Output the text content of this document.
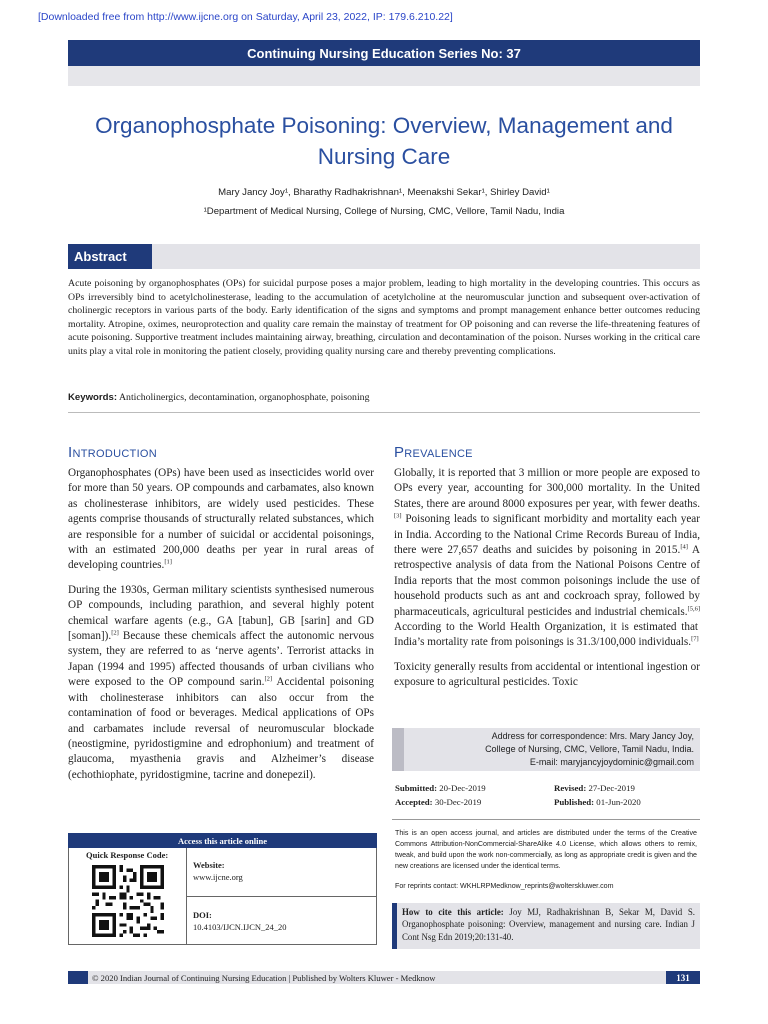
[Downloaded free from http://www.ijcne.org on Saturday, April 23, 2022, IP: 179.6.210.22]
Continuing Nursing Education Series No: 37
Organophosphate Poisoning: Overview, Management and
Nursing Care
Mary Jancy Joy¹, Bharathy Radhakrishnan¹, Meenakshi Sekar¹, Shirley David¹
¹Department of Medical Nursing, College of Nursing, CMC, Vellore, Tamil Nadu, India
Abstract
Acute poisoning by organophosphates (OPs) for suicidal purpose poses a major problem, leading to high mortality in the developing countries. This occurs as OPs irreversibly bind to acetylcholinesterase, leading to the accumulation of acetylcholine at the neuromuscular junction and subsequent over-activation of cholinergic receptors in various parts of the body. Early identification of the signs and symptoms and prompt management enhance better outcomes reducing mortality. Atropine, oximes, neuroprotection and quality care remain the mainstay of treatment for OP poisoning and can reverse the life-threatening features of acute poisoning. Supportive treatment includes maintaining airway, breathing, circulation and decontamination of the poison. Nurses working in the critical care units play a vital role in monitoring the patient closely, providing quality nursing care and thereby preventing complications.
Keywords: Anticholinergics, decontamination, organophosphate, poisoning
Introduction

Organophosphates (OPs) have been used as insecticides world over for more than 50 years. OP compounds and carbamates, also known as cholinesterase inhibitors, are widely used pesticides. These agents comprise thousands of structurally related substances, which are responsible for a number of suicidal or accidental poisonings, with an estimated 200,000 deaths per year in rural areas of developing countries.[1]

During the 1930s, German military scientists synthesised numerous OP compounds, including parathion, and several highly potent chemical warfare agents (e.g., GA [tabun], GB [sarin] and GD [soman]).[2] Because these chemicals affect the autonomic nervous system, they are referred to as ‘nerve agents’. Terrorist attacks in Japan (1994 and 1995) affected thousands of urban civilians who were exposed to the OP compound sarin.[2] Accidental poisoning with cholinesterase inhibitors can also occur from the contamination of food or beverages. Medical applications of OPs and carbamates include reversal of neuromuscular blockade (neostigmine, pyridostigmine and edrophonium) and treatment of glaucoma, myasthenia gravis and Alzheimer’s disease (echothiophate, pyridostigmine, tacrine and donepezil).

Prevalence

Globally, it is reported that 3 million or more people are exposed to OPs every year, accounting for 300,000 mortality. In the United States, there are around 8000 exposures per year, with fewer deaths.[3] Poisoning leads to significant morbidity and mortality each year in India. According to the National Crime Records Bureau of India, there were 27,657 deaths and suicides by poisoning in 2015.[4] A retrospective analysis of data from the National Poisons Centre of India reports that the most common poisonings include the use of household products such as ant and cockroach spray, followed by pharmaceuticals, agricultural pesticides and industrial chemicals.[5,6] According to the World Health Organization, it is estimated that India’s mortality rate from poisonings is 31.3/100,000 individuals.[7]

Toxicity generally results from accidental or intentional ingestion or exposure to agricultural pesticides. Toxic

Address for correspondence: Mrs. Mary Jancy Joy,
College of Nursing, CMC, Vellore, Tamil Nadu, India.
E-mail: maryjancyjoydominic@gmail.com
Submitted: 20-Dec-2019	Revised: 27-Dec-2019
Accepted: 30-Dec-2019	Published: 01-Jun-2020
This is an open access journal, and articles are distributed under the terms of the Creative Commons Attribution-NonCommercial-ShareAlike 4.0 License, which allows others to remix, tweak, and build upon the work non-commercially, as long as appropriate credit is given and the new creations are licensed under the identical terms.
For reprints contact: WKHLRPMedknow_reprints@wolterskluwer.com
How to cite this article: Joy MJ, Radhakrishnan B, Sekar M, David S. Organophosphate poisoning: Overview, management and nursing care. Indian J Cont Nsg Edn 2019;20:131-40.
Access this article online
Quick Response Code:
Website:
www.ijcne.org
DOI:
10.4103/IJCN.IJCN_24_20
© 2020 Indian Journal of Continuing Nursing Education | Published by Wolters Kluwer - Medknow	131
